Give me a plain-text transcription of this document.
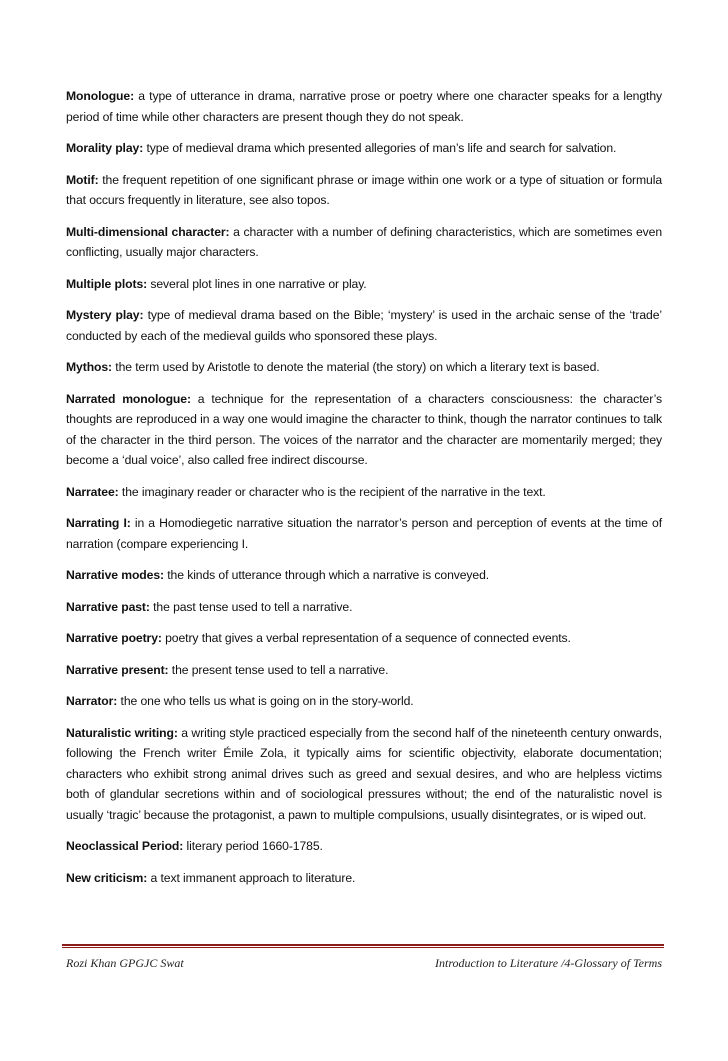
Monologue: a type of utterance in drama, narrative prose or poetry where one character speaks for a lengthy period of time while other characters are present though they do not speak.

Morality play: type of medieval drama which presented allegories of man’s life and search for salvation.

Motif: the frequent repetition of one significant phrase or image within one work or a type of situation or formula that occurs frequently in literature, see also topos.

Multi-dimensional character: a character with a number of defining characteristics, which are sometimes even conflicting, usually major characters.

Multiple plots: several plot lines in one narrative or play.

Mystery play: type of medieval drama based on the Bible; ‘mystery’ is used in the archaic sense of the ‘trade’ conducted by each of the medieval guilds who sponsored these plays.

Mythos: the term used by Aristotle to denote the material (the story) on which a literary text is based.

Narrated monologue: a technique for the representation of a characters consciousness: the character’s thoughts are reproduced in a way one would imagine the character to think, though the narrator continues to talk of the character in the third person. The voices of the narrator and the character are momentarily merged; they become a ‘dual voice’, also called free indirect discourse.

Narratee: the imaginary reader or character who is the recipient of the narrative in the text.

Narrating I: in a Homodiegetic narrative situation the narrator’s person and perception of events at the time of narration (compare experiencing I.

Narrative modes: the kinds of utterance through which a narrative is conveyed.

Narrative past: the past tense used to tell a narrative.

Narrative poetry: poetry that gives a verbal representation of a sequence of connected events.

Narrative present: the present tense used to tell a narrative.

Narrator: the one who tells us what is going on in the story-world.

Naturalistic writing: a writing style practiced especially from the second half of the nineteenth century onwards, following the French writer Émile Zola, it typically aims for scientific objectivity, elaborate documentation; characters who exhibit strong animal drives such as greed and sexual desires, and who are helpless victims both of glandular secretions within and of sociological pressures without; the end of the naturalistic novel is usually ‘tragic’ because the protagonist, a pawn to multiple compulsions, usually disintegrates, or is wiped out.

Neoclassical Period: literary period 1660-1785.

New criticism: a text immanent approach to literature.

Rozi Khan GPGJC Swat	Introduction to Literature /4-Glossary of Terms
